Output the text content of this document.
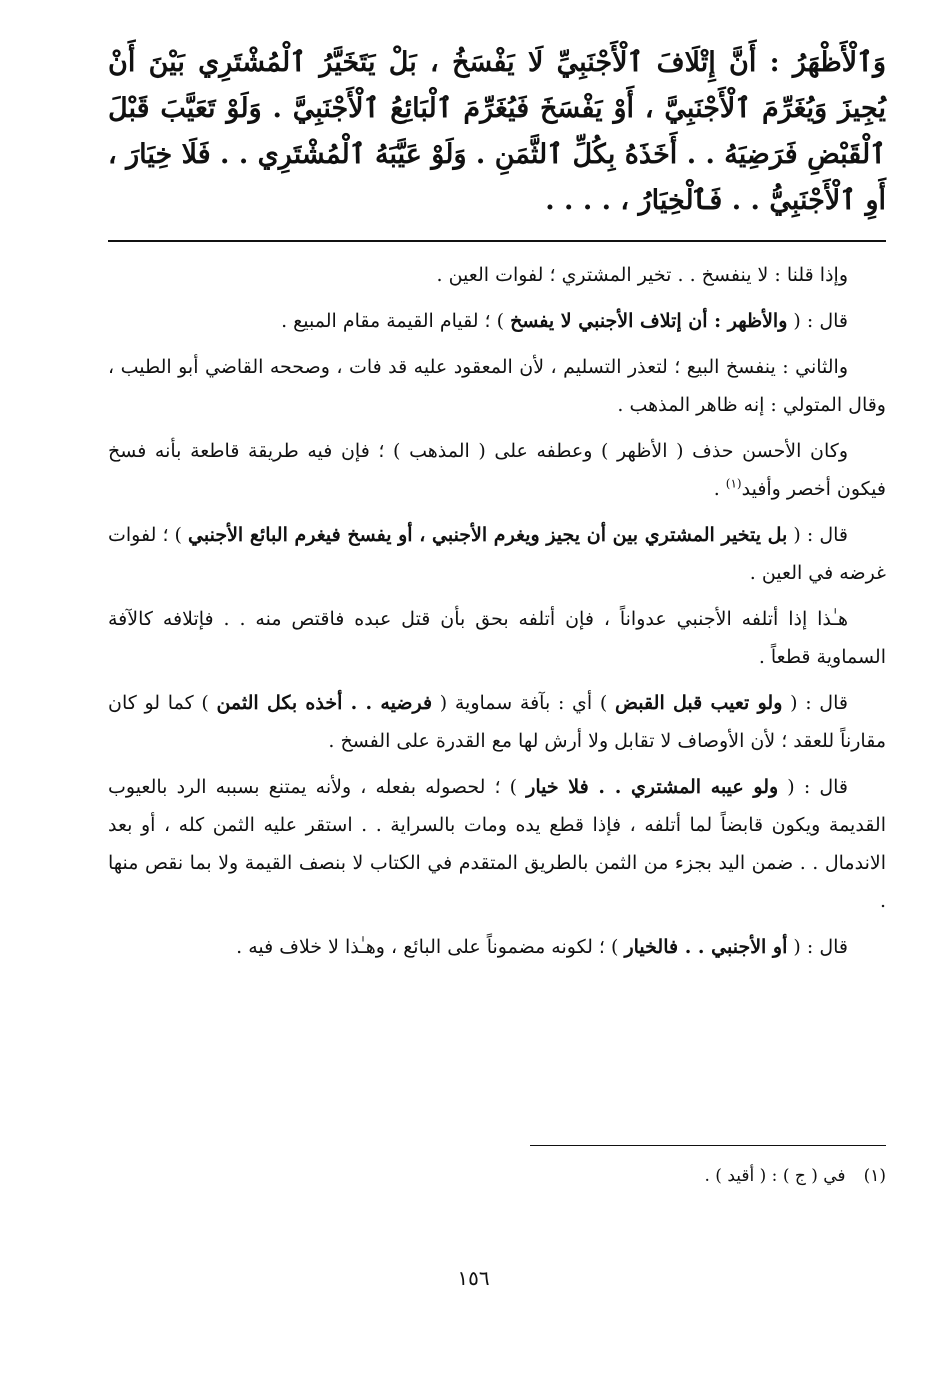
وَٱلْأَظْهَرُ : أَنَّ إِتْلَافَ ٱلْأَجْنَبِيِّ لَا يَفْسَخُ ، بَلْ يَتَخَيَّرُ ٱلْمُشْتَرِي بَيْنَ أَنْ يُجِيزَ وَيُغَرِّمَ ٱلْأَجْنَبِيَّ ، أَوْ يَفْسَخَ فَيُغَرِّمَ ٱلْبَائِعُ ٱلْأَجْنَبِيَّ . وَلَوْ تَعَيَّبَ قَبْلَ ٱلْقَبْضِ فَرَضِيَهُ . . أَخَذَهُ بِكُلِّ ٱلثَّمَنِ . وَلَوْ عَيَّبَهُ ٱلْمُشْتَرِي . . فَلَا خِيَارَ ، أَوِ ٱلْأَجْنَبِيُّ . . فَٱلْخِيَارُ ، . . . .

وإذا قلنا : لا ينفسخ . . تخير المشتري ؛ لفوات العين .

قال : ( والأظهر : أن إتلاف الأجنبي لا يفسخ ) ؛ لقيام القيمة مقام المبيع .

والثاني : ينفسخ البيع ؛ لتعذر التسليم ، لأن المعقود عليه قد فات ، وصححه القاضي أبو الطيب ، وقال المتولي : إنه ظاهر المذهب .

وكان الأحسن حذف ( الأظهر ) وعطفه على ( المذهب ) ؛ فإن فيه طريقة قاطعة بأنه فسخ فيكون أخصر وأفيد$^{(١)}$ .

قال : ( بل يتخير المشتري بين أن يجيز ويغرم الأجنبي ، أو يفسخ فيغرم البائع الأجنبي ) ؛ لفوات غرضه في العين .

هـٰذا إذا أتلفه الأجنبي عدواناً ، فإن أتلفه بحق بأن قتل عبده فاقتص منه . . فإتلافه كالآفة السماوية قطعاً .

قال : ( ولو تعيب قبل القبض ) أي : بآفة سماوية ( فرضيه . . أخذه بكل الثمن ) كما لو كان مقارناً للعقد ؛ لأن الأوصاف لا تقابل ولا أرش لها مع القدرة على الفسخ .

قال : ( ولو عيبه المشتري . . فلا خيار ) ؛ لحصوله بفعله ، ولأنه يمتنع بسببه الرد بالعيوب القديمة ويكون قابضاً لما أتلفه ، فإذا قطع يده ومات بالسراية . . استقر عليه الثمن كله ، أو بعد الاندمال . . ضمن اليد بجزء من الثمن بالطريق المتقدم في الكتاب لا بنصف القيمة ولا بما نقص منها .

قال : ( أو الأجنبي . . فالخيار ) ؛ لكونه مضموناً على البائع ، وهـٰذا لا خلاف فيه .

(١)في ( ج ) : ( أقيد ) .
١٥٦
